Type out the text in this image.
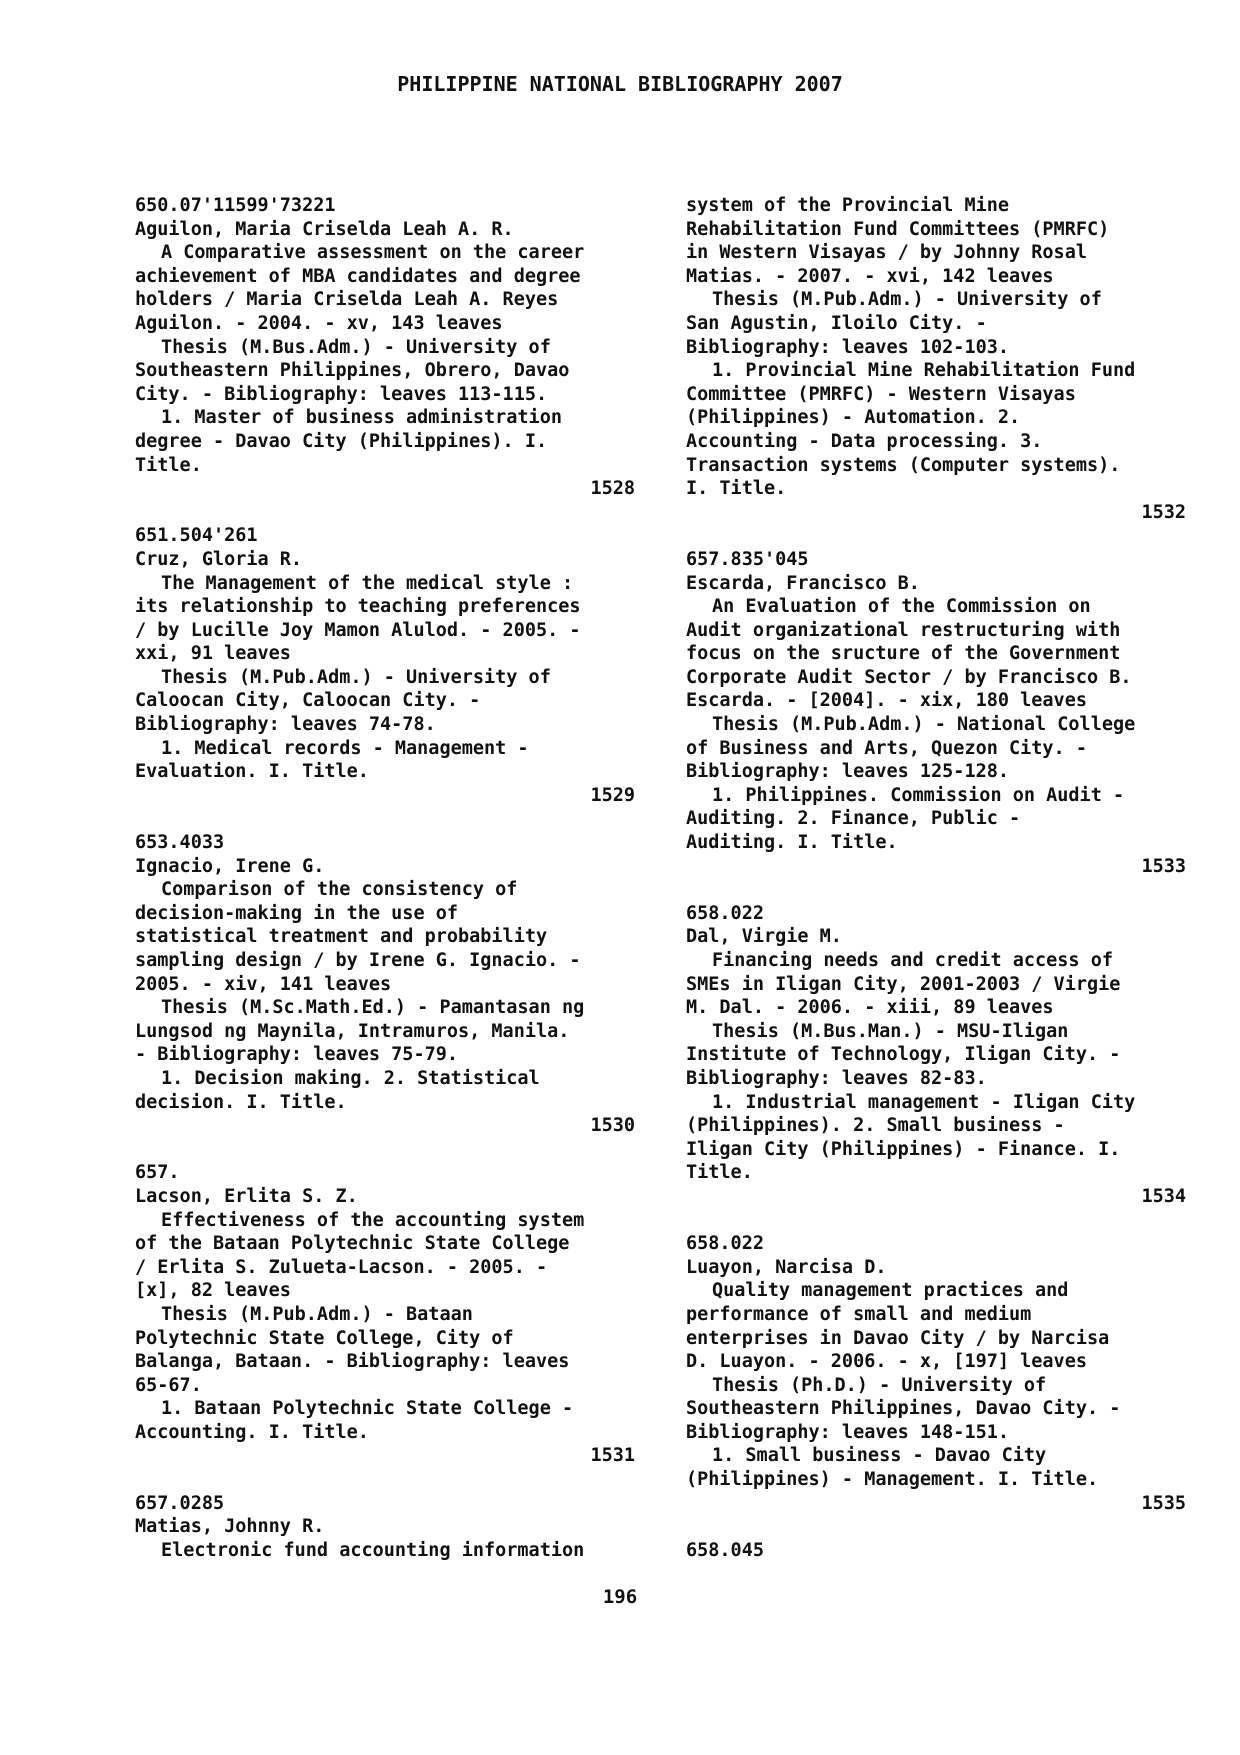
PHILIPPINE NATIONAL BIBLIOGRAPHY 2007
650.07'11599'73221
Aguilon, Maria Criselda Leah A. R.
A Comparative assessment on the career
achievement of MBA candidates and degree
holders / Maria Criselda Leah A. Reyes
Aguilon. - 2004. - xv, 143 leaves
Thesis (M.Bus.Adm.) - University of
Southeastern Philippines, Obrero, Davao
City. - Bibliography: leaves 113-115.
1. Master of business administration
degree - Davao City (Philippines). I.
Title.
1528
651.504'261
Cruz, Gloria R.
The Management of the medical style :
its relationship to teaching preferences
/ by Lucille Joy Mamon Alulod. - 2005. -
xxi, 91 leaves
Thesis (M.Pub.Adm.) - University of
Caloocan City, Caloocan City. -
Bibliography: leaves 74-78.
1. Medical records - Management -
Evaluation. I. Title.
1529
653.4033
Ignacio, Irene G.
Comparison of the consistency of
decision-making in the use of
statistical treatment and probability
sampling design / by Irene G. Ignacio. -
2005. - xiv, 141 leaves
Thesis (M.Sc.Math.Ed.) - Pamantasan ng
Lungsod ng Maynila, Intramuros, Manila.
- Bibliography: leaves 75-79.
1. Decision making. 2. Statistical
decision. I. Title.
1530
657.
Lacson, Erlita S. Z.
Effectiveness of the accounting system
of the Bataan Polytechnic State College
/ Erlita S. Zulueta-Lacson. - 2005. -
[x], 82 leaves
Thesis (M.Pub.Adm.) - Bataan
Polytechnic State College, City of
Balanga, Bataan. - Bibliography: leaves
65-67.
1. Bataan Polytechnic State College -
Accounting. I. Title.
1531
657.0285
Matias, Johnny R.
Electronic fund accounting information
system of the Provincial Mine
Rehabilitation Fund Committees (PMRFC)
in Western Visayas / by Johnny Rosal
Matias. - 2007. - xvi, 142 leaves
Thesis (M.Pub.Adm.) - University of
San Agustin, Iloilo City. -
Bibliography: leaves 102-103.
1. Provincial Mine Rehabilitation Fund
Committee (PMRFC) - Western Visayas
(Philippines) - Automation. 2.
Accounting - Data processing. 3.
Transaction systems (Computer systems).
I. Title.
1532
657.835'045
Escarda, Francisco B.
An Evaluation of the Commission on
Audit organizational restructuring with
focus on the sructure of the Government
Corporate Audit Sector / by Francisco B.
Escarda. - [2004]. - xix, 180 leaves
Thesis (M.Pub.Adm.) - National College
of Business and Arts, Quezon City. -
Bibliography: leaves 125-128.
1. Philippines. Commission on Audit -
Auditing. 2. Finance, Public -
Auditing. I. Title.
1533
658.022
Dal, Virgie M.
Financing needs and credit access of
SMEs in Iligan City, 2001-2003 / Virgie
M. Dal. - 2006. - xiii, 89 leaves
Thesis (M.Bus.Man.) - MSU-Iligan
Institute of Technology, Iligan City. -
Bibliography: leaves 82-83.
1. Industrial management - Iligan City
(Philippines). 2. Small business -
Iligan City (Philippines) - Finance. I.
Title.
1534
658.022
Luayon, Narcisa D.
Quality management practices and
performance of small and medium
enterprises in Davao City / by Narcisa
D. Luayon. - 2006. - x, [197] leaves
Thesis (Ph.D.) - University of
Southeastern Philippines, Davao City. -
Bibliography: leaves 148-151.
1. Small business - Davao City
(Philippines) - Management. I. Title.
1535
658.045
196
